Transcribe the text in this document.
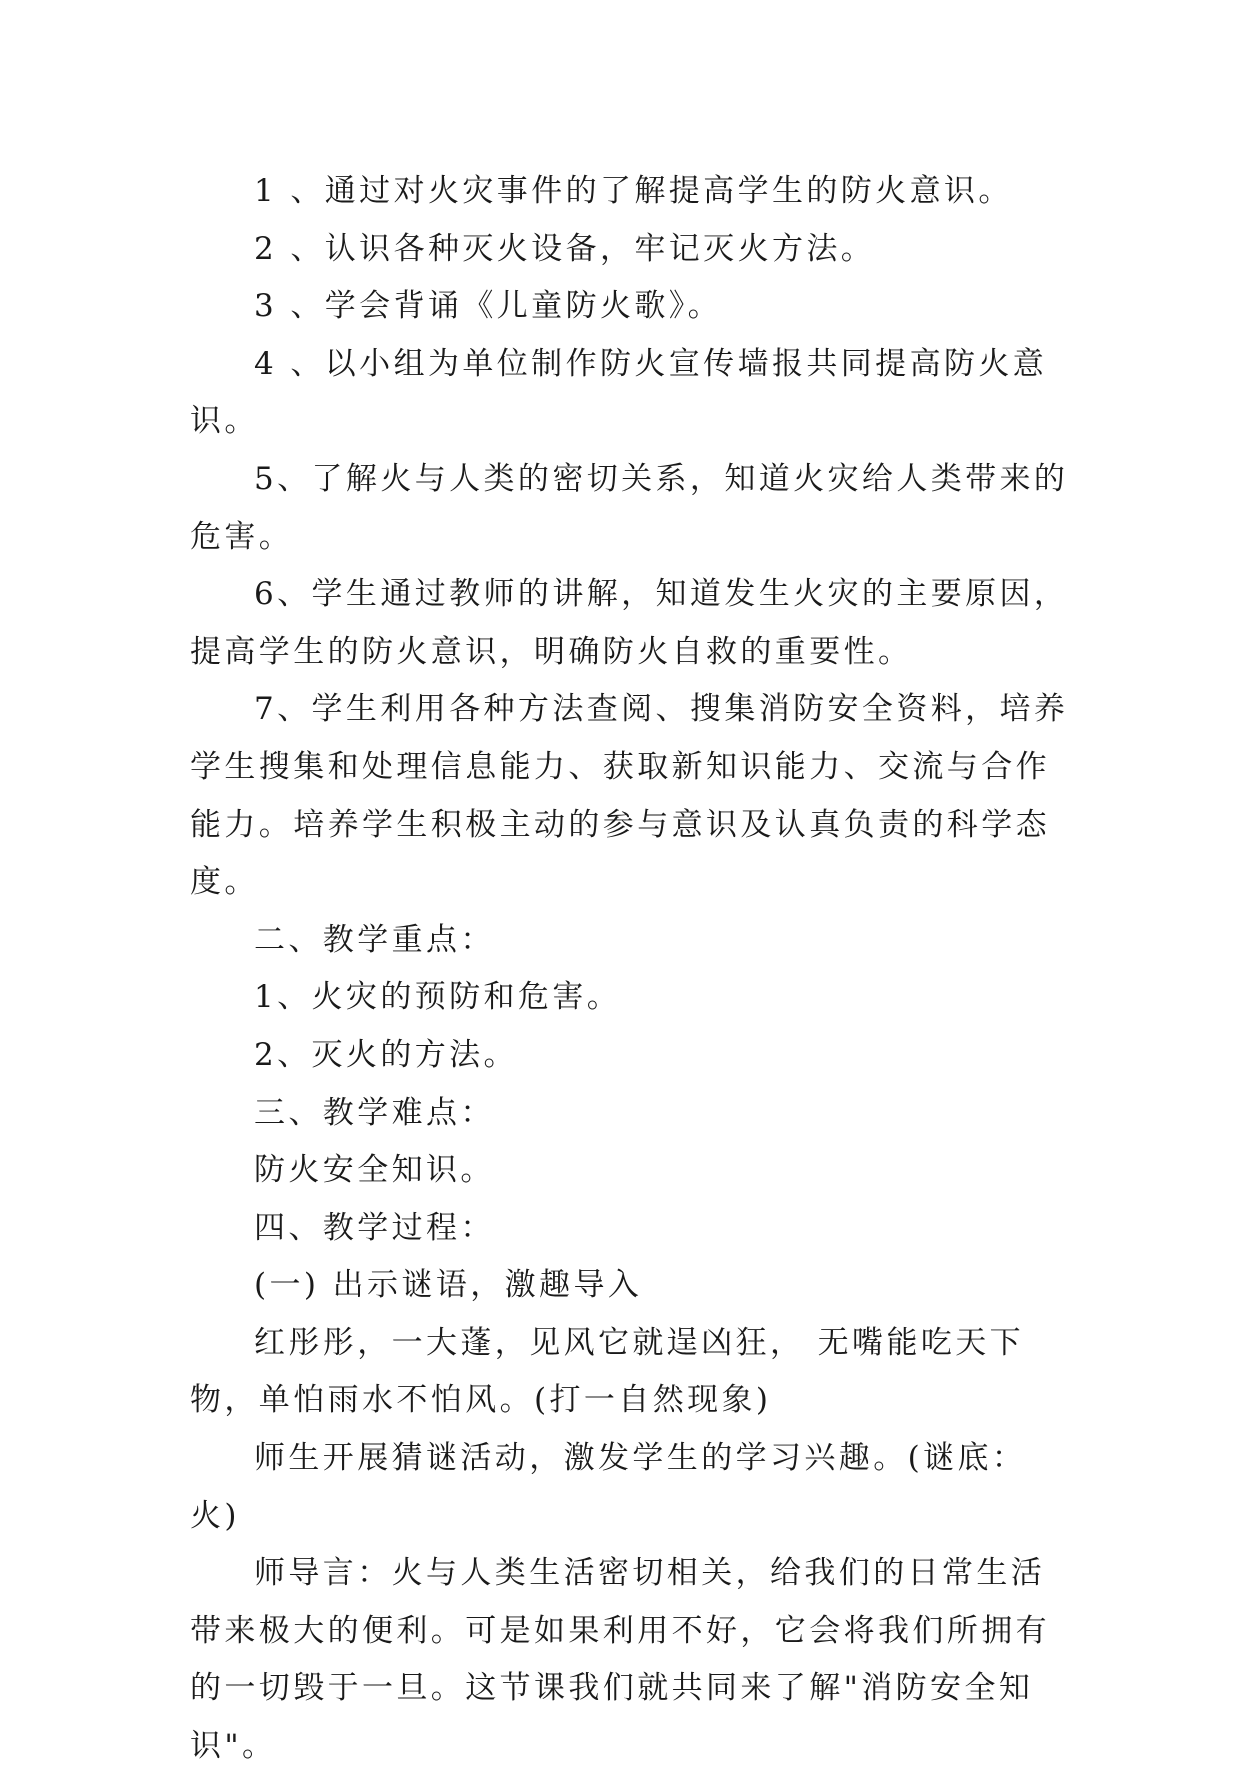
1 、通过对火灾事件的了解提高学生的防火意识。

2 、认识各种灭火设备，牢记灭火方法。

3 、学会背诵《儿童防火歌》。

4 、以小组为单位制作防火宣传墙报共同提高防火意识。

5、了解火与人类的密切关系，知道火灾给人类带来的危害。

6、学生通过教师的讲解，知道发生火灾的主要原因，提高学生的防火意识，明确防火自救的重要性。

7、学生利用各种方法查阅、搜集消防安全资料，培养学生搜集和处理信息能力、获取新知识能力、交流与合作能力。培养学生积极主动的参与意识及认真负责的科学态度。

二、教学重点：

1、火灾的预防和危害。

2、灭火的方法。

三、教学难点：

防火安全知识。

四、教学过程：

(一) 出示谜语，激趣导入

红彤彤，一大蓬，见风它就逞凶狂， 无嘴能吃天下物，单怕雨水不怕风。(打一自然现象)

师生开展猜谜活动，激发学生的学习兴趣。(谜底：火)

师导言：火与人类生活密切相关，给我们的日常生活带来极大的便利。可是如果利用不好，它会将我们所拥有的一切毁于一旦。这节课我们就共同来了解"消防安全知识"。
